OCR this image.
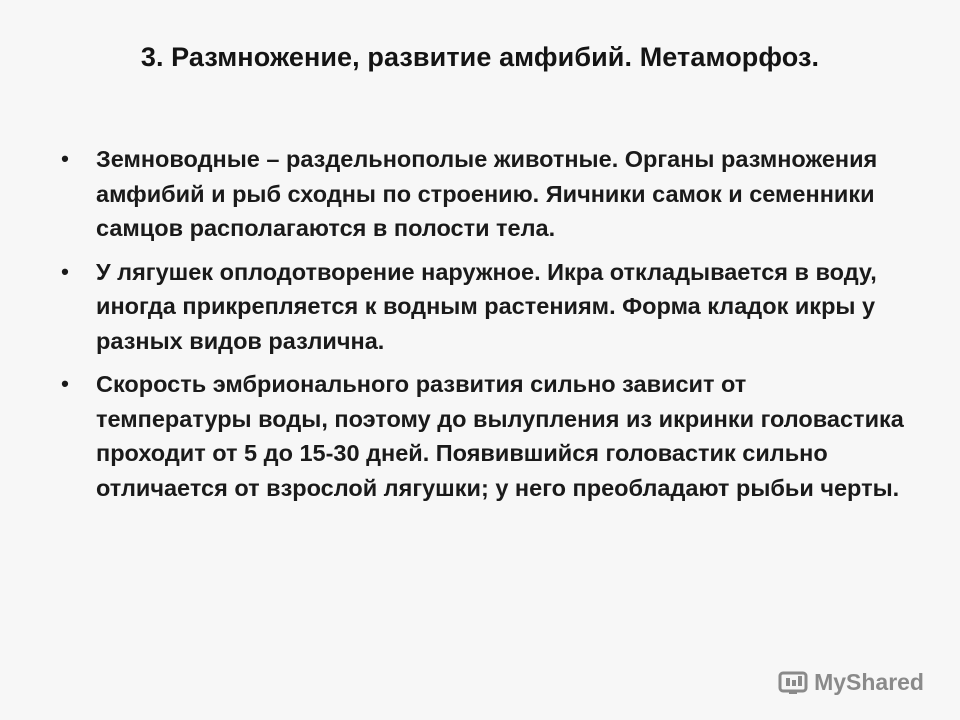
3. Размножение, развитие амфибий. Метаморфоз.
• Земноводные – раздельнополые животные. Органы размножения амфибий и рыб сходны по строению. Яичники самок и семенники самцов располагаются в полости тела.
• У лягушек оплодотворение наружное. Икра откладывается в воду, иногда прикрепляется к водным растениям. Форма кладок икры у разных видов различна.
• Скорость эмбрионального развития сильно зависит от температуры воды, поэтому до вылупления из икринки головастика проходит от 5 до 15-30 дней. Появившийся головастик сильно отличается от взрослой лягушки; у него преобладают рыбьи черты.
MyShared
